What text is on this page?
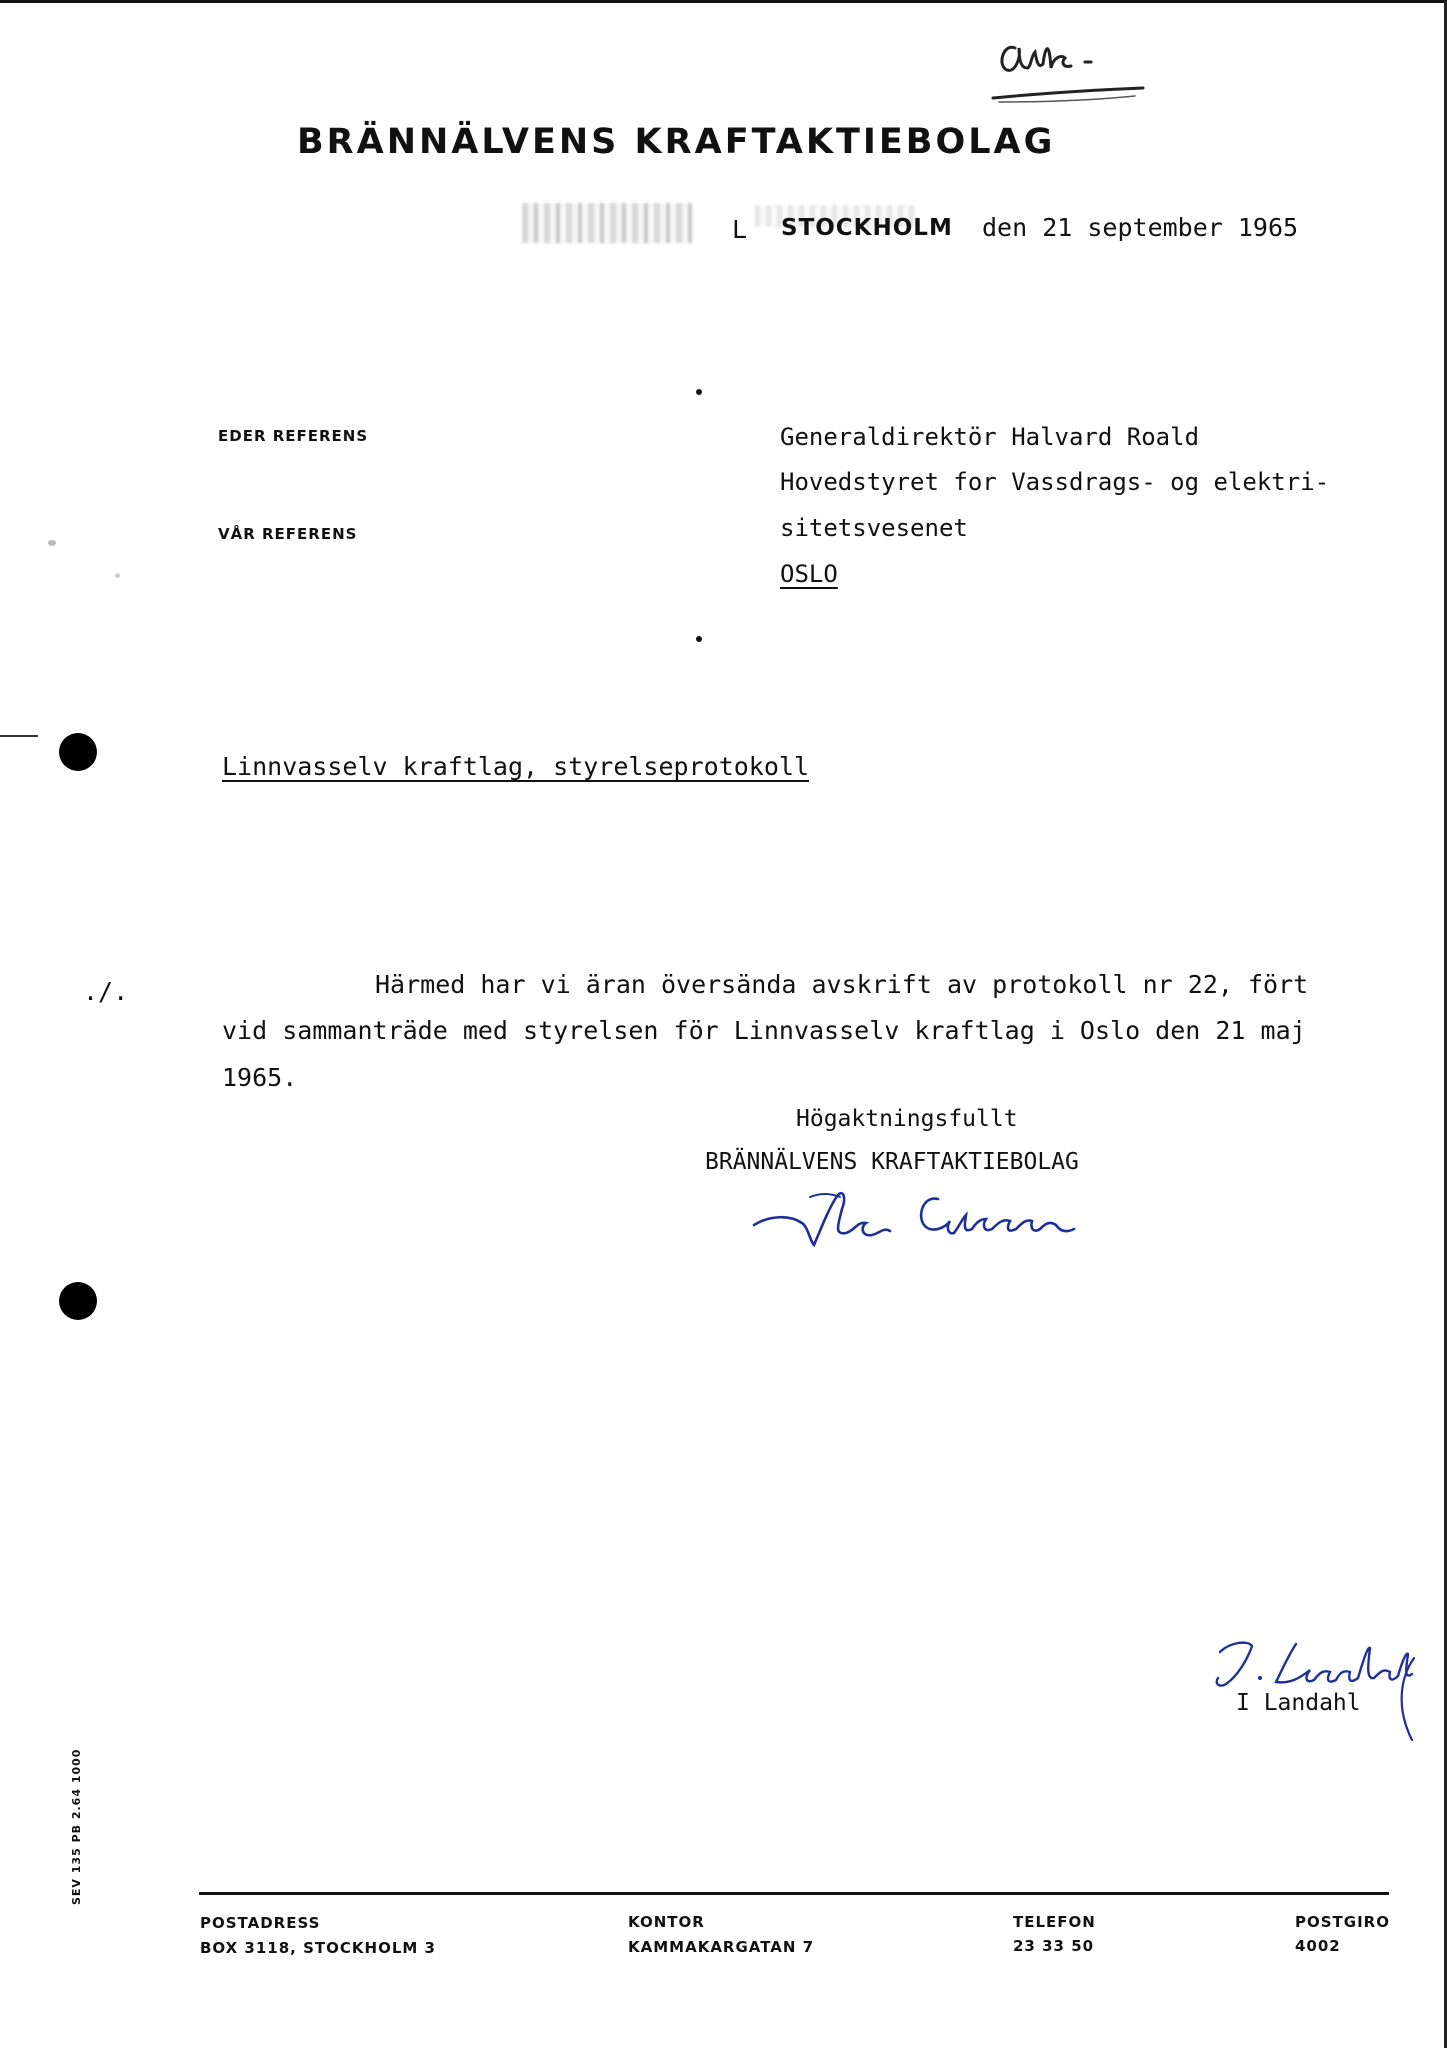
BRÄNNÄLVENS KRAFTAKTIEBOLAG
L STOCKHOLM den 21 september 1965
EDER REFERENS
VÅR REFERENS
Generaldirektör Halvard Roald
Hovedstyret for Vassdrags- og elektri-
sitetsvesenet
OSLO
Linnvasselv kraftlag, styrelseprotokoll
./.	Härmed har vi äran översända avskrift av protokoll nr 22, fört
vid sammanträde med styrelsen för Linnvasselv kraftlag i Oslo den 21 maj
1965.
Högaktningsfullt
BRÄNNÄLVENS KRAFTAKTIEBOLAG
I Landahl
SEV 135 PB 2.64 1000
POSTADRESS
BOX 3118, STOCKHOLM 3
KONTOR
KAMMAKARGATAN 7
TELEFON
23 33 50
POSTGIRO
4002
